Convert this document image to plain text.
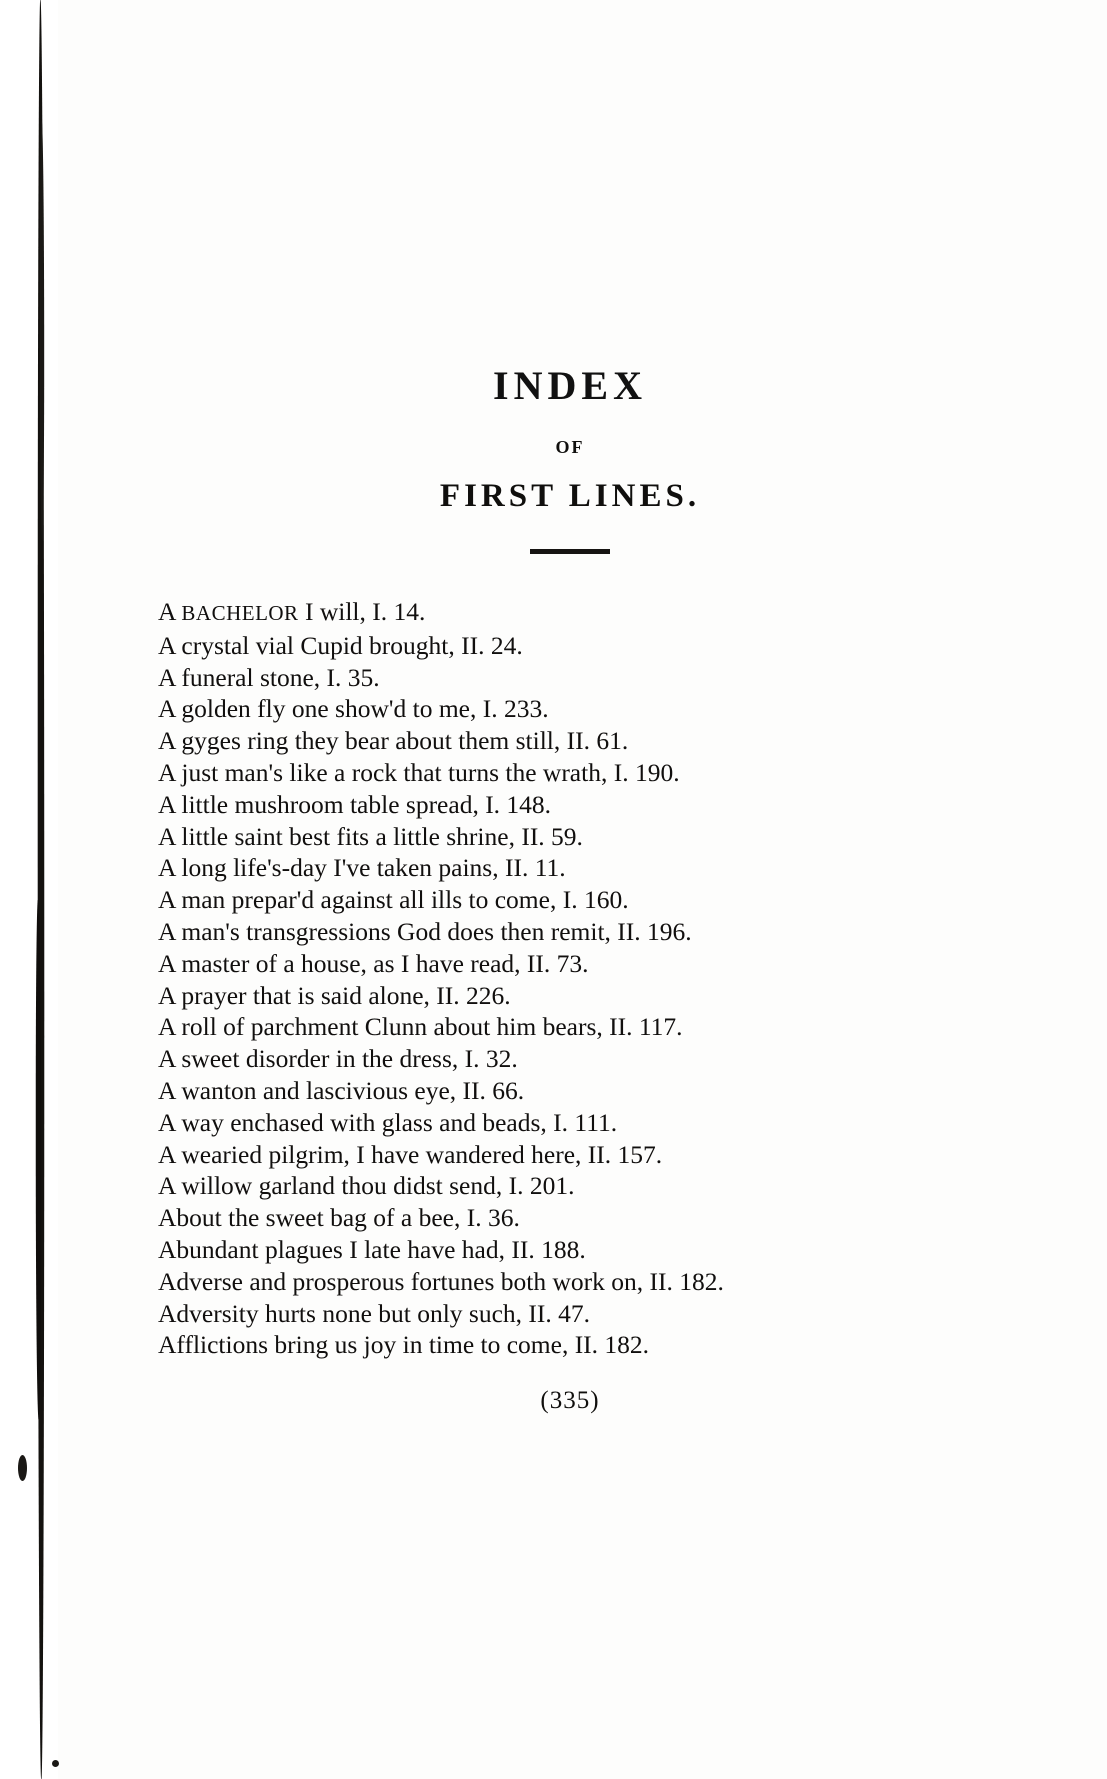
INDEX
OF
FIRST LINES.
A BACHELOR I will, I. 14.
A crystal vial Cupid brought, II. 24.
A funeral stone, I. 35.
A golden fly one show'd to me, I. 233.
A gyges ring they bear about them still, II. 61.
A just man's like a rock that turns the wrath, I. 190.
A little mushroom table spread, I. 148.
A little saint best fits a little shrine, II. 59.
A long life's-day I've taken pains, II. 11.
A man prepar'd against all ills to come, I. 160.
A man's transgressions God does then remit, II. 196.
A master of a house, as I have read, II. 73.
A prayer that is said alone, II. 226.
A roll of parchment Clunn about him bears, II. 117.
A sweet disorder in the dress, I. 32.
A wanton and lascivious eye, II. 66.
A way enchased with glass and beads, I. 111.
A wearied pilgrim, I have wandered here, II. 157.
A willow garland thou didst send, I. 201.
About the sweet bag of a bee, I. 36.
Abundant plagues I late have had, II. 188.
Adverse and prosperous fortunes both work on, II. 182.
Adversity hurts none but only such, II. 47.
Afflictions bring us joy in time to come, II. 182.
(335)
